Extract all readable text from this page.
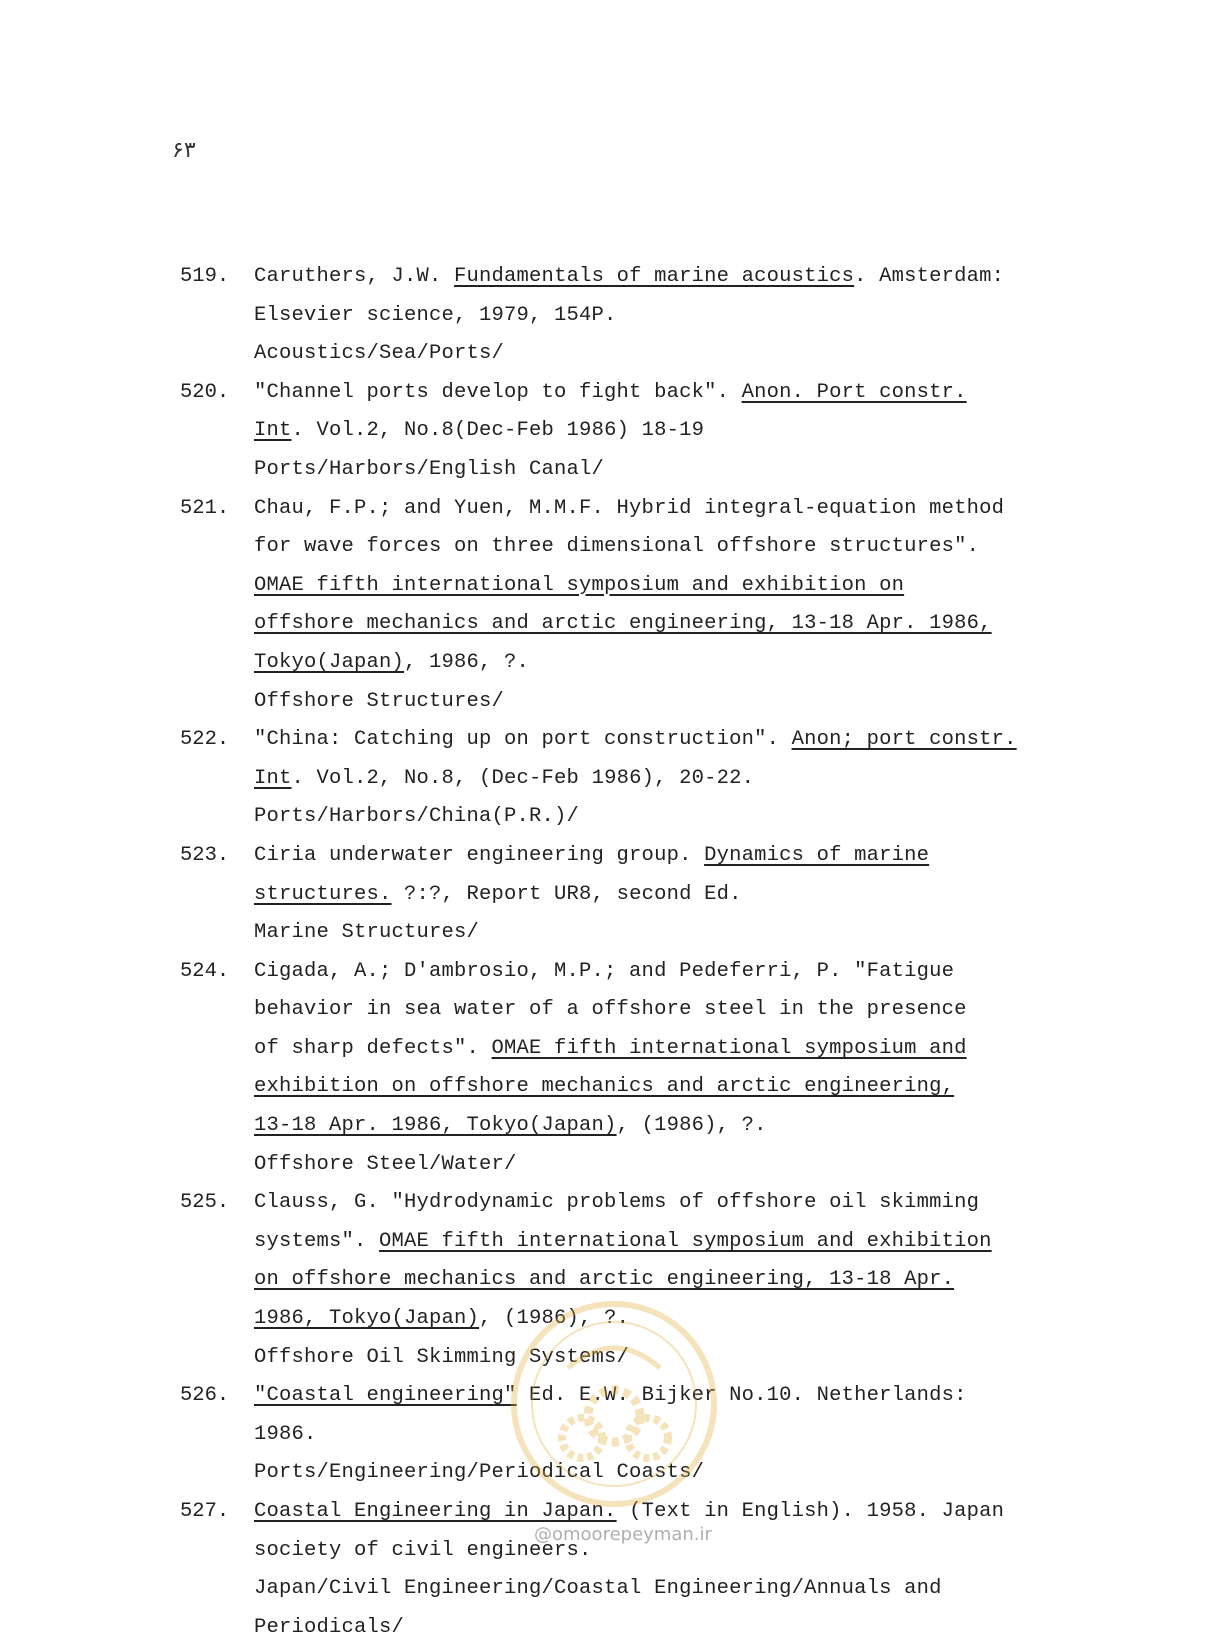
۶۳
519.	Caruthers, J.W. Fundamentals of marine acoustics. Amsterdam:
Elsevier science, 1979, 154P.
Acoustics/Sea/Ports/
520.	"Channel ports develop to fight back". Anon. Port constr.
Int. Vol.2, No.8(Dec-Feb 1986) 18-19
Ports/Harbors/English Canal/
521.	Chau, F.P.; and Yuen, M.M.F. Hybrid integral-equation method
for wave forces on three dimensional offshore structures".
OMAE fifth international symposium and exhibition on
offshore mechanics and arctic engineering, 13-18 Apr. 1986,
Tokyo(Japan), 1986, ?.
Offshore Structures/
522.	"China: Catching up on port construction". Anon; port constr.
Int. Vol.2, No.8, (Dec-Feb 1986), 20-22.
Ports/Harbors/China(P.R.)/
523.	Ciria underwater engineering group. Dynamics of marine
structures. ?:?, Report UR8, second Ed.
Marine Structures/
524.	Cigada, A.; D'ambrosio, M.P.; and Pedeferri, P. "Fatigue
behavior in sea water of a offshore steel in the presence
of sharp defects". OMAE fifth international symposium and
exhibition on offshore mechanics and arctic engineering,
13-18 Apr. 1986, Tokyo(Japan), (1986), ?.
Offshore Steel/Water/
525.	Clauss, G. "Hydrodynamic problems of offshore oil skimming
systems". OMAE fifth international symposium and exhibition
on offshore mechanics and arctic engineering, 13-18 Apr.
1986, Tokyo(Japan), (1986), ?.
Offshore Oil Skimming Systems/
526.	"Coastal engineering" Ed. E.W. Bijker No.10. Netherlands:
1986.
Ports/Engineering/Periodical Coasts/
527.	Coastal Engineering in Japan. (Text in English). 1958. Japan
society of civil engineers.
Japan/Civil Engineering/Coastal Engineering/Annuals and
Periodicals/
@omoorepeyman.ir
